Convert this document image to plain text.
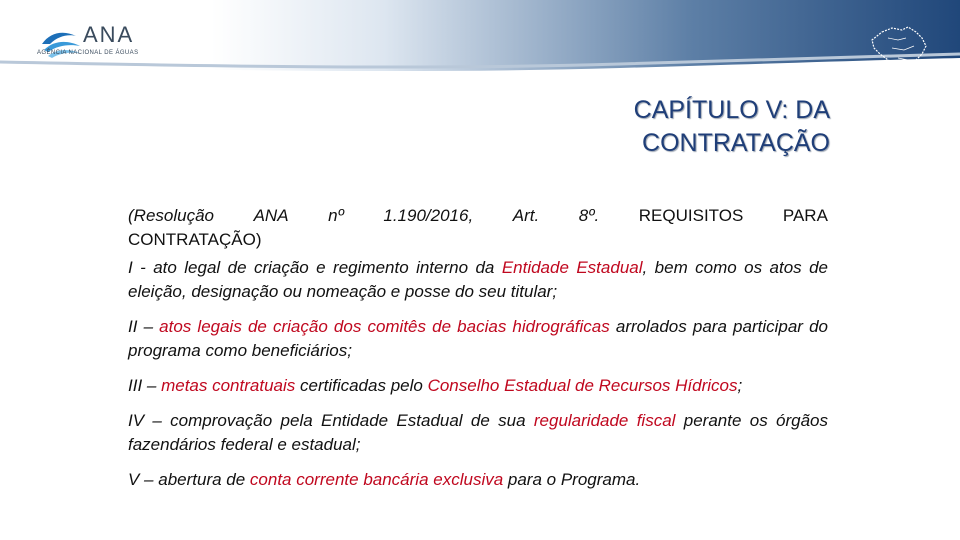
ANA
AGÊNCIA NACIONAL DE ÁGUAS
CAPÍTULO V: DA
CONTRATAÇÃO
(Resolução ANA nº 1.190/2016, Art. 8º. REQUISITOS PARA
CONTRATAÇÃO)

I - ato legal de criação e regimento interno da Entidade Estadual, bem como os atos de eleição, designação ou nomeação e posse do seu titular;

II – atos legais de criação dos comitês de bacias hidrográficas arrolados para participar do programa como beneficiários;

III – metas contratuais certificadas pelo Conselho Estadual de Recursos Hídricos;

IV – comprovação pela Entidade Estadual de sua regularidade fiscal perante os órgãos fazendários federal e estadual;

V – abertura de conta corrente bancária exclusiva para o Programa.
